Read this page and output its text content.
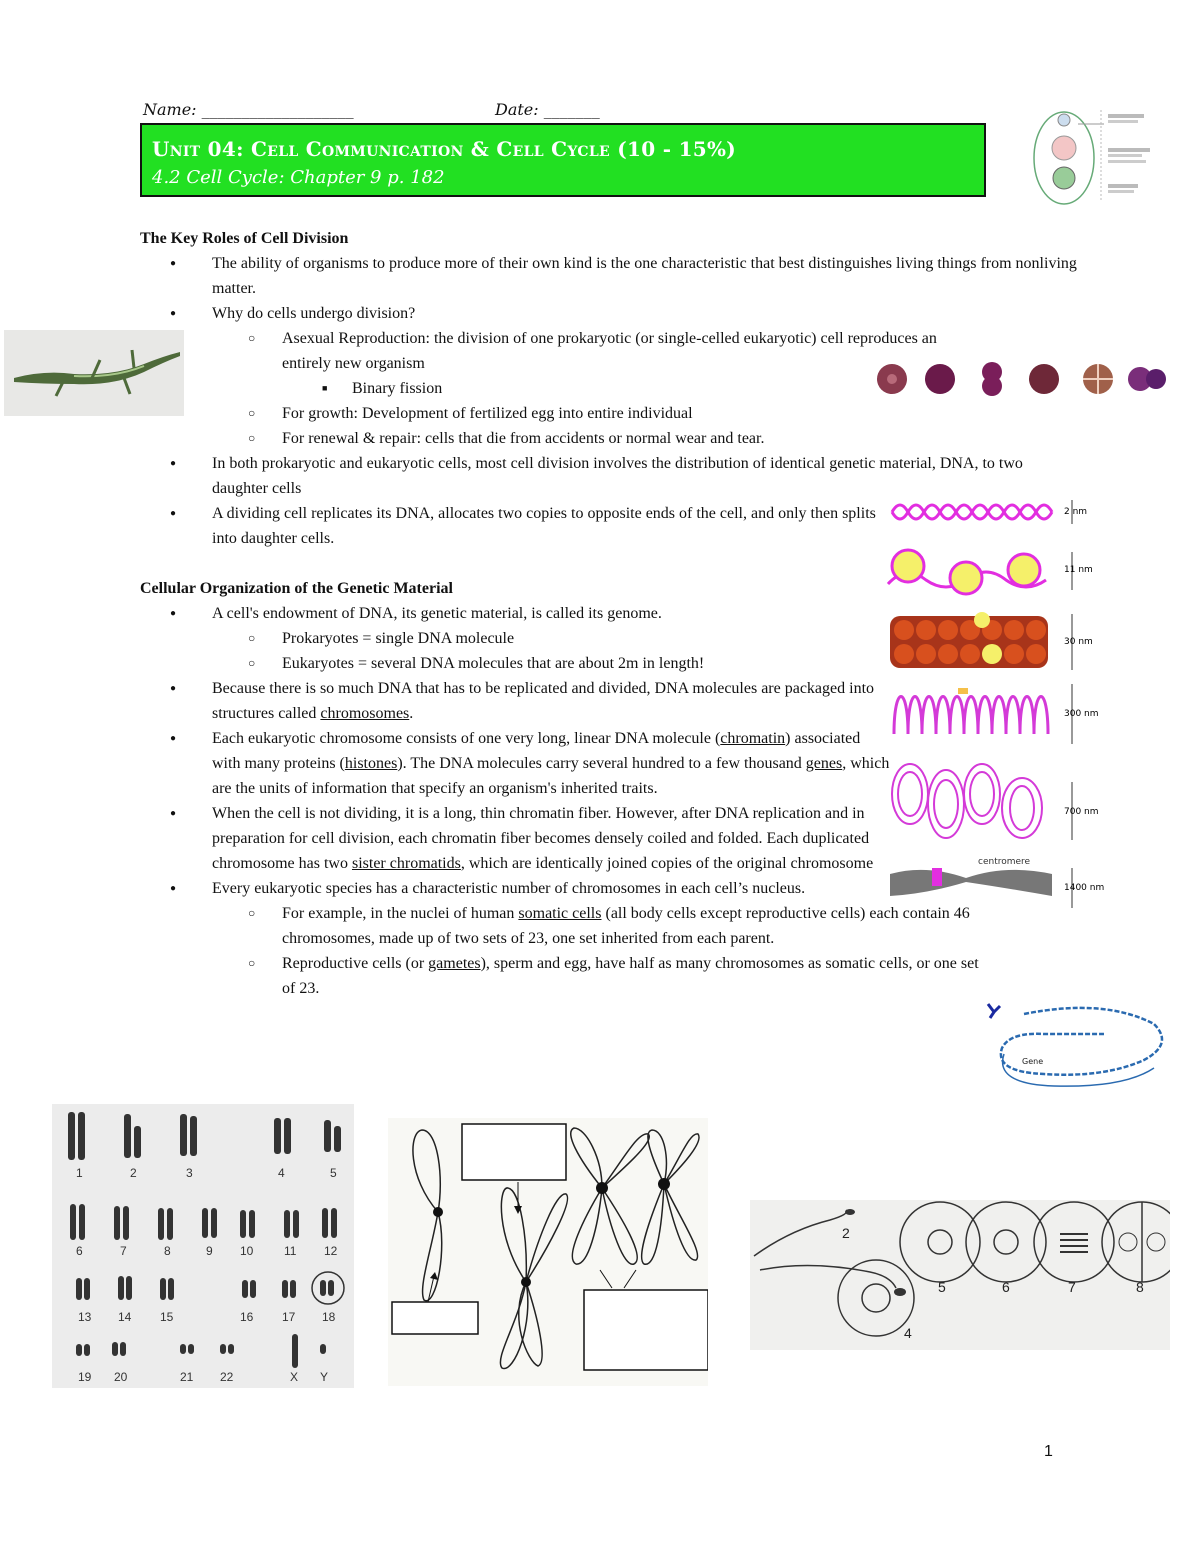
Name: ___________________	Date: _______
Unit 04: Cell Communication & Cell Cycle (10 - 15%)
4.2 Cell Cycle: Chapter 9 p. 182

The Key Roles of Cell Division

● The ability of organisms to produce more of their own kind is the one characteristic that best distinguishes living things from nonliving matter.
● Why do cells undergo division?
○ Asexual Reproduction: the division of one prokaryotic (or single-celled eukaryotic) cell reproduces an entirely new organism
■ Binary fission
○ For growth: Development of fertilized egg into entire individual
○ For renewal & repair: cells that die from accidents or normal wear and tear.
● In both prokaryotic and eukaryotic cells, most cell division involves the distribution of identical genetic material, DNA, to two daughter cells
● A dividing cell replicates its DNA, allocates two copies to opposite ends of the cell, and only then splits into daughter cells.

Cellular Organization of the Genetic Material

● A cell's endowment of DNA, its genetic material, is called its genome.
○ Prokaryotes = single DNA molecule
○ Eukaryotes = several DNA molecules that are about 2m in length!
● Because there is so much DNA that has to be replicated and divided, DNA molecules are packaged into structures called chromosomes.
● Each eukaryotic chromosome consists of one very long, linear DNA molecule (chromatin) associated with many proteins (histones). The DNA molecules carry several hundred to a few thousand genes, which are the units of information that specify an organism's inherited traits.
● When the cell is not dividing, it is a long, thin chromatin fiber. However, after DNA replication and in preparation for cell division, each chromatin fiber becomes densely coiled and folded. Each duplicated chromosome has two sister chromatids, which are identically joined copies of the original chromosome
● Every eukaryotic species has a characteristic number of chromosomes in each cell’s nucleus.
○ For example, in the nuclei of human somatic cells (all body cells except reproductive cells) each contain 46 chromosomes, made up of two sets of 23, one set inherited from each parent.
○ Reproductive cells (or gametes), sperm and egg, have half as many chromosomes as somatic cells, or one set of 23.
2 nm
11 nm
30 nm
300 nm
700 nm
centromere
1400 nm
Gene
1	2	3	4	5
6	7	8	9 10	11 12
13 14 15	16 17 18
19 20	21 22	X Y
2
4
5	6	7	8
1
